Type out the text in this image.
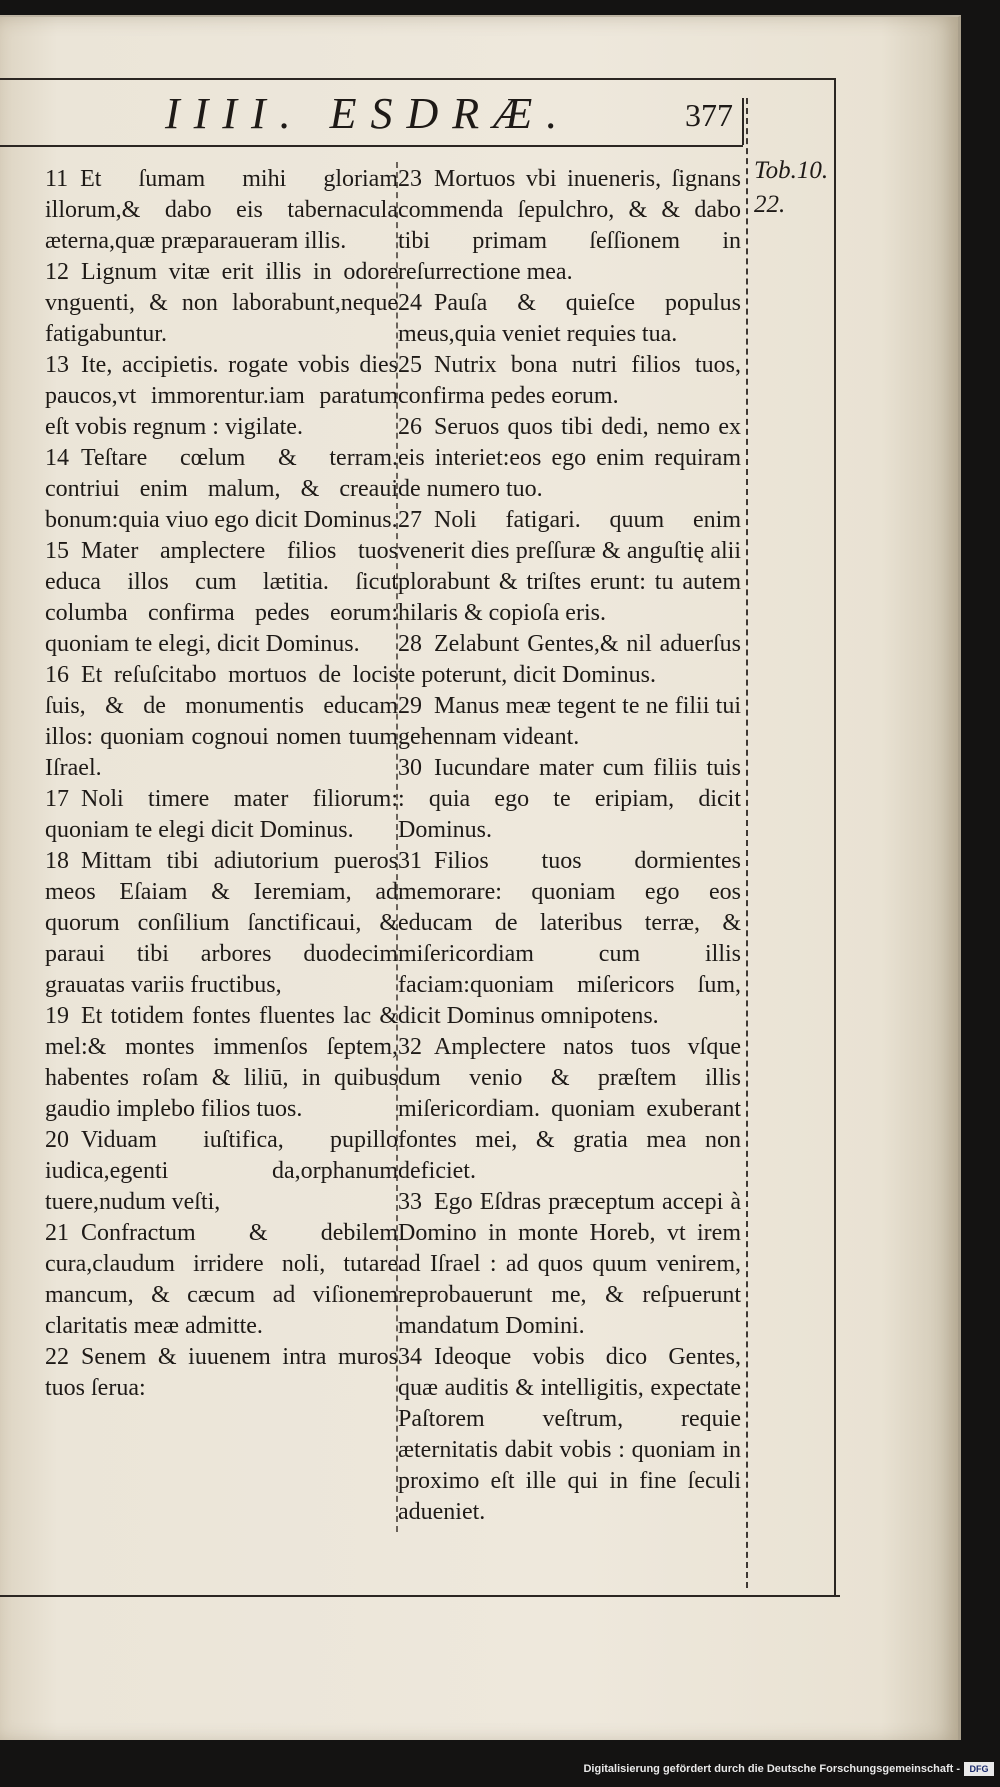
IIII. ESDRÆ.	377
Tob.10.
22.

11 Et ſumam mihi gloriam illorum,& dabo eis tabernacula æterna,quæ præparaueram illis.

12 Lignum vitæ erit illis in odore vnguenti, & non laborabunt,neque fatigabuntur.

13 Ite, accipietis. rogate vobis dies paucos,vt immorentur.iam paratum eſt vobis regnum : vigilate.

14 Teſtare cœlum & terram. contriui enim malum, & creaui bonum:quia viuo ego dicit Dominus.

15 Mater amplectere filios tuos educa illos cum lætitia. ſicut columba confirma pedes eorum: quoniam te elegi, dicit Dominus.

16 Et reſuſcitabo mortuos de locis ſuis, & de monumentis educam illos: quoniam cognoui nomen tuum Iſrael.

17 Noli timere mater filiorum: quoniam te elegi dicit Dominus.

18 Mittam tibi adiutorium pueros meos Eſaiam & Ieremiam, ad quorum conſilium ſanctificaui, & paraui tibi arbores duodecim grauatas variis fructibus,

19 Et totidem fontes fluentes lac & mel:& montes immenſos ſeptem, habentes roſam & liliū, in quibus gaudio implebo filios tuos.

20 Viduam iuſtifica, pupillo iudica,egenti da,orphanum tuere,nudum veſti,

21 Confractum & debilem cura,claudum irridere noli, tutare mancum, & cæcum ad viſionem claritatis meæ admitte.

22 Senem & iuuenem intra muros tuos ſerua:

23 Mortuos vbi inueneris, ſignans commenda ſepulchro, & & dabo tibi primam ſeſſionem in reſurrectione mea.

24 Pauſa & quieſce populus meus,quia veniet requies tua.

25 Nutrix bona nutri filios tuos, confirma pedes eorum.

26 Seruos quos tibi dedi, nemo ex eis interiet:eos ego enim requiram de numero tuo.

27 Noli fatigari. quum enim venerit dies preſſuræ & anguſtię alii plorabunt & triſtes erunt: tu autem hilaris & copioſa eris.

28 Zelabunt Gentes,& nil aduerſus te poterunt, dicit Dominus.

29 Manus meæ tegent te ne filii tui gehennam videant.

30 Iucundare mater cum filiis tuis : quia ego te eripiam, dicit Dominus.

31 Filios tuos dormientes memorare: quoniam ego eos educam de lateribus terræ, & miſericordiam cum illis faciam:quoniam miſericors ſum, dicit Dominus omnipotens.

32 Amplectere natos tuos vſque dum venio & præſtem illis miſericordiam. quoniam exuberant fontes mei, & gratia mea non deficiet.

33 Ego Eſdras præceptum accepi à Domino in monte Horeb, vt irem ad Iſrael : ad quos quum venirem, reprobauerunt me, & reſpuerunt mandatum Domini.

34 Ideoque vobis dico Gentes, quæ auditis & intelligitis, expectate Paſtorem veſtrum, requie æternitatis dabit vobis : quoniam in proximo eſt ille qui in fine ſeculi adueniet.

Digitalisierung gefördert durch die Deutsche Forschungsgemeinschaft -	DFG
